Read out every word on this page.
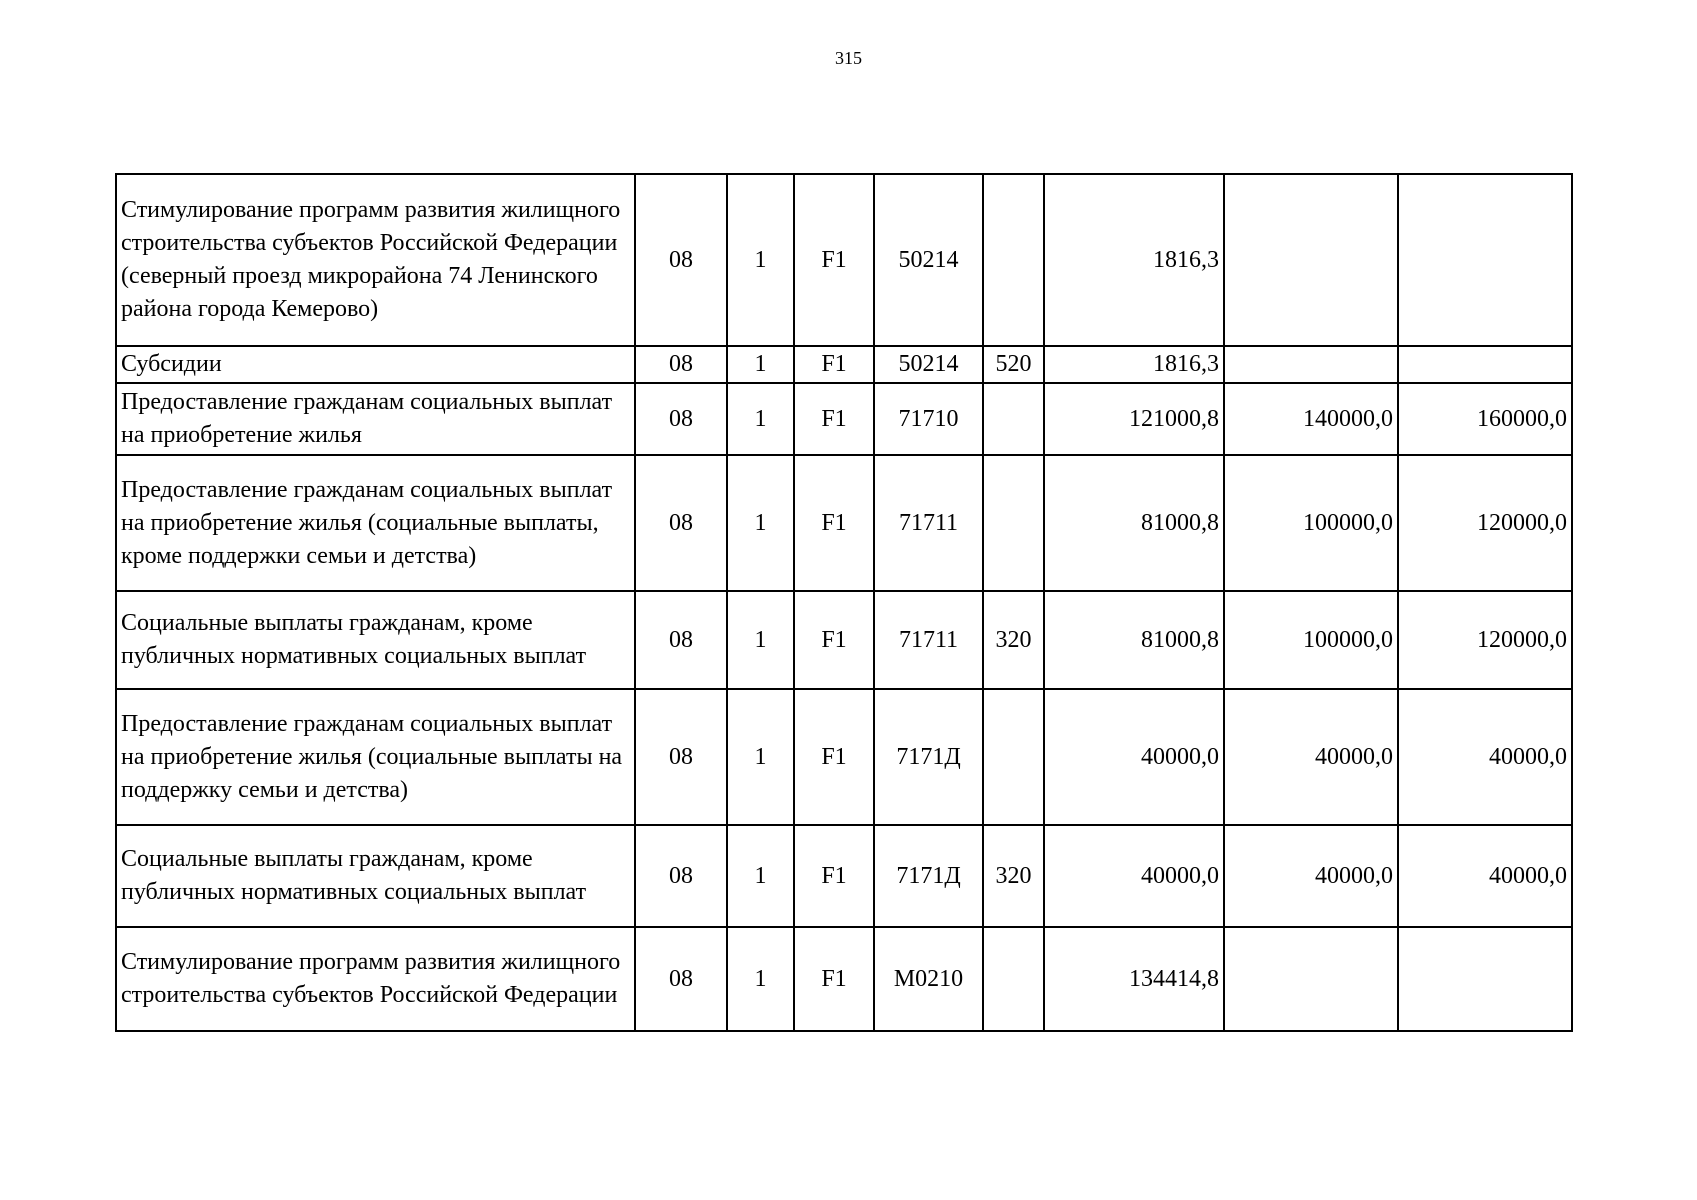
315
Стимулирование программ развития жилищного строительства субъектов Российской Федерации (северный проезд микрорайона 74 Ленинского района города Кемерово)	08	1	F1	50214		1816,3		
Субсидии	08	1	F1	50214	520	1816,3		
Предоставление гражданам социальных выплат на приобретение жилья	08	1	F1	71710		121000,8	140000,0	160000,0
Предоставление гражданам социальных выплат на приобретение жилья (социальные выплаты, кроме поддержки семьи и детства)	08	1	F1	71711		81000,8	100000,0	120000,0
Социальные выплаты гражданам, кроме публичных нормативных социальных выплат	08	1	F1	71711	320	81000,8	100000,0	120000,0
Предоставление гражданам социальных выплат на приобретение жилья (социальные выплаты на поддержку семьи и детства)	08	1	F1	7171Д		40000,0	40000,0	40000,0
Социальные выплаты гражданам, кроме публичных нормативных социальных выплат	08	1	F1	7171Д	320	40000,0	40000,0	40000,0
Стимулирование программ развития жилищного строительства субъектов Российской Федерации	08	1	F1	М0210		134414,8		
